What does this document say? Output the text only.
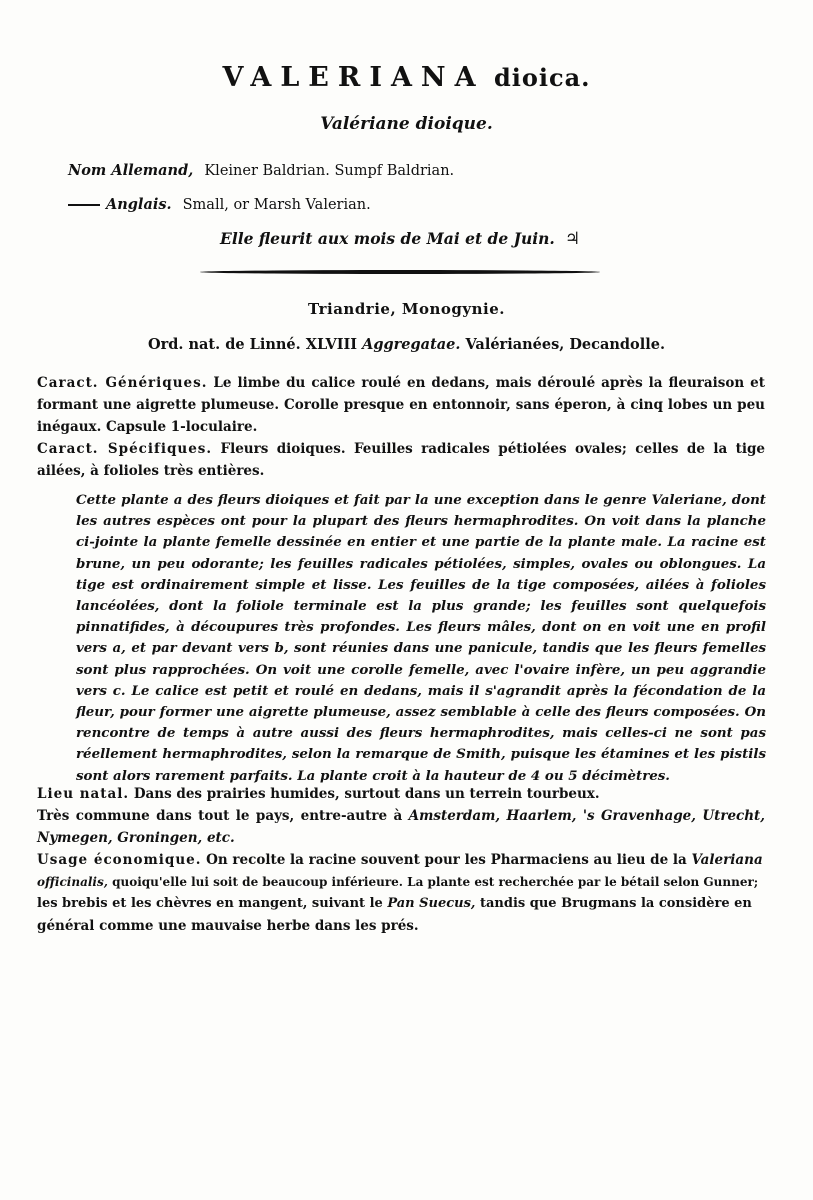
VALERIANA dioica.
Valériane dioique.
Nom Allemand, Kleiner Baldrian. Sumpf Baldrian.
Anglais. Small, or Marsh Valerian.
Elle fleurit aux mois de Mai et de Juin. ♃
Triandrie, Monogynie.
Ord. nat. de Linné. XLVIII Aggregatae. Valérianées, Decandolle.
Caract. Génériques. Le limbe du calice roulé en dedans, mais déroulé après la fleuraison et formant une aigrette plumeuse. Corolle presque en entonnoir, sans éperon, à cinq lobes un peu inégaux. Capsule 1-loculaire.
Caract. Spécifiques. Fleurs dioiques. Feuilles radicales pétiolées ovales; celles de la tige ailées, à folioles très entières.
Cette plante a des fleurs dioiques et fait par la une exception dans le genre Valeriane, dont les autres espèces ont pour la plupart des fleurs hermaphrodites. On voit dans la planche ci-jointe la plante femelle dessinée en entier et une partie de la plante male. La racine est brune, un peu odorante; les feuilles radicales pétiolées, simples, ovales ou oblongues. La tige est ordinairement simple et lisse. Les feuilles de la tige composées, ailées à folioles lancéolées, dont la foliole terminale est la plus grande; les feuilles sont quelquefois pinnatifides, à découpures très profondes. Les fleurs mâles, dont on en voit une en profil vers a, et par devant vers b, sont réunies dans une panicule, tandis que les fleurs femelles sont plus rapprochées. On voit une corolle femelle, avec l'ovaire infère, un peu aggrandie vers c. Le calice est petit et roulé en dedans, mais il s'agrandit après la fécondation de la fleur, pour former une aigrette plumeuse, assez semblable à celle des fleurs composées. On rencontre de temps à autre aussi des fleurs hermaphrodites, mais celles-ci ne sont pas réellement hermaphrodites, selon la remarque de Smith, puisque les étamines et les pistils sont alors rarement parfaits. La plante croit à la hauteur de 4 ou 5 décimètres.
Lieu natal. Dans des prairies humides, surtout dans un terrein tourbeux.
Très commune dans tout le pays, entre-autre à Amsterdam, Haarlem, 's Gravenhage, Utrecht, Nymegen, Groningen, etc.
Usage économique. On recolte la racine souvent pour les Pharmaciens au lieu de la Valeriana
officinalis, quoiqu'elle lui soit de beaucoup inférieure. La plante est recherchée par le bétail selon Gunner;
les brebis et les chèvres en mangent, suivant le Pan Suecus, tandis que Brugmans la considère en
général comme une mauvaise herbe dans les prés.
